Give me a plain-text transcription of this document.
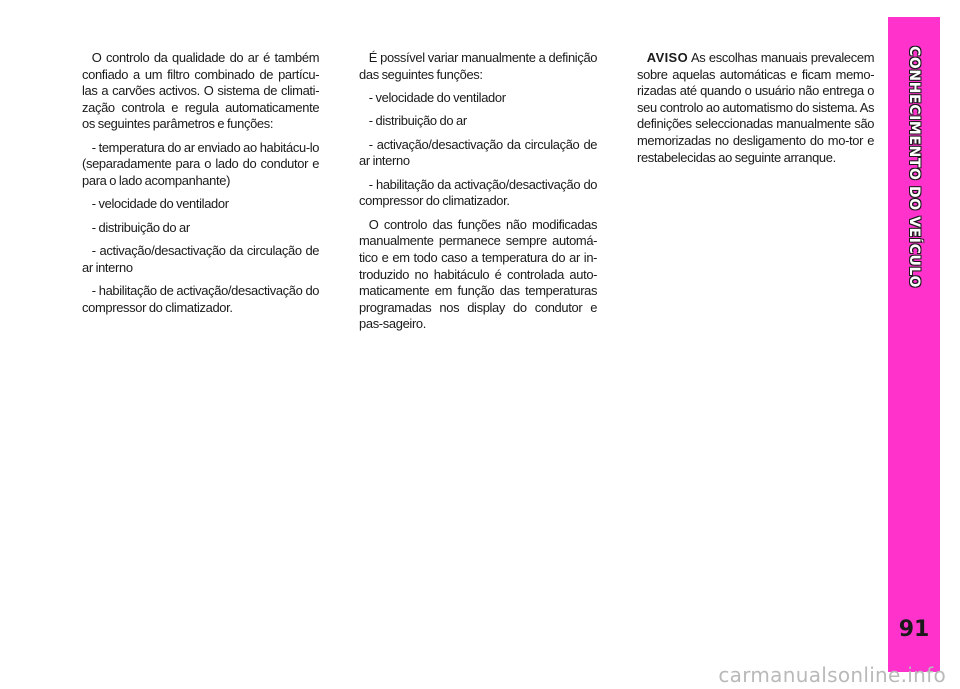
O controlo da qualidade do ar é também confiado a um filtro combinado de partícu-las a carvões activos. O sistema de climati-zação controla e regula automaticamente os seguintes parâmetros e funções:

- temperatura do ar enviado ao habitácu-lo (separadamente para o lado do condutor e para o lado acompanhante)

- velocidade do ventilador

- distribuição do ar

- activação/desactivação da circulação de ar interno

- habilitação de activação/desactivação do compressor do climatizador.

É possível variar manualmente a definição das seguintes funções:

- velocidade do ventilador

- distribuição do ar

- activação/desactivação da circulação de ar interno

- habilitação da activação/desactivação do compressor do climatizador.

O controlo das funções não modificadas manualmente permanece sempre automá-tico e em todo caso a temperatura do ar in-troduzido no habitáculo é controlada auto-maticamente em função das temperaturas programadas nos display do condutor e pas-sageiro.

AVISO As escolhas manuais prevalecem sobre aquelas automáticas e ficam memo-rizadas até quando o usuário não entrega o seu controlo ao automatismo do sistema. As definições seleccionadas manualmente são memorizadas no desligamento do mo-tor e restabelecidas ao seguinte arranque.	CONHECIMENTO DO VEÍCULO
91
carmanualsonline.info
